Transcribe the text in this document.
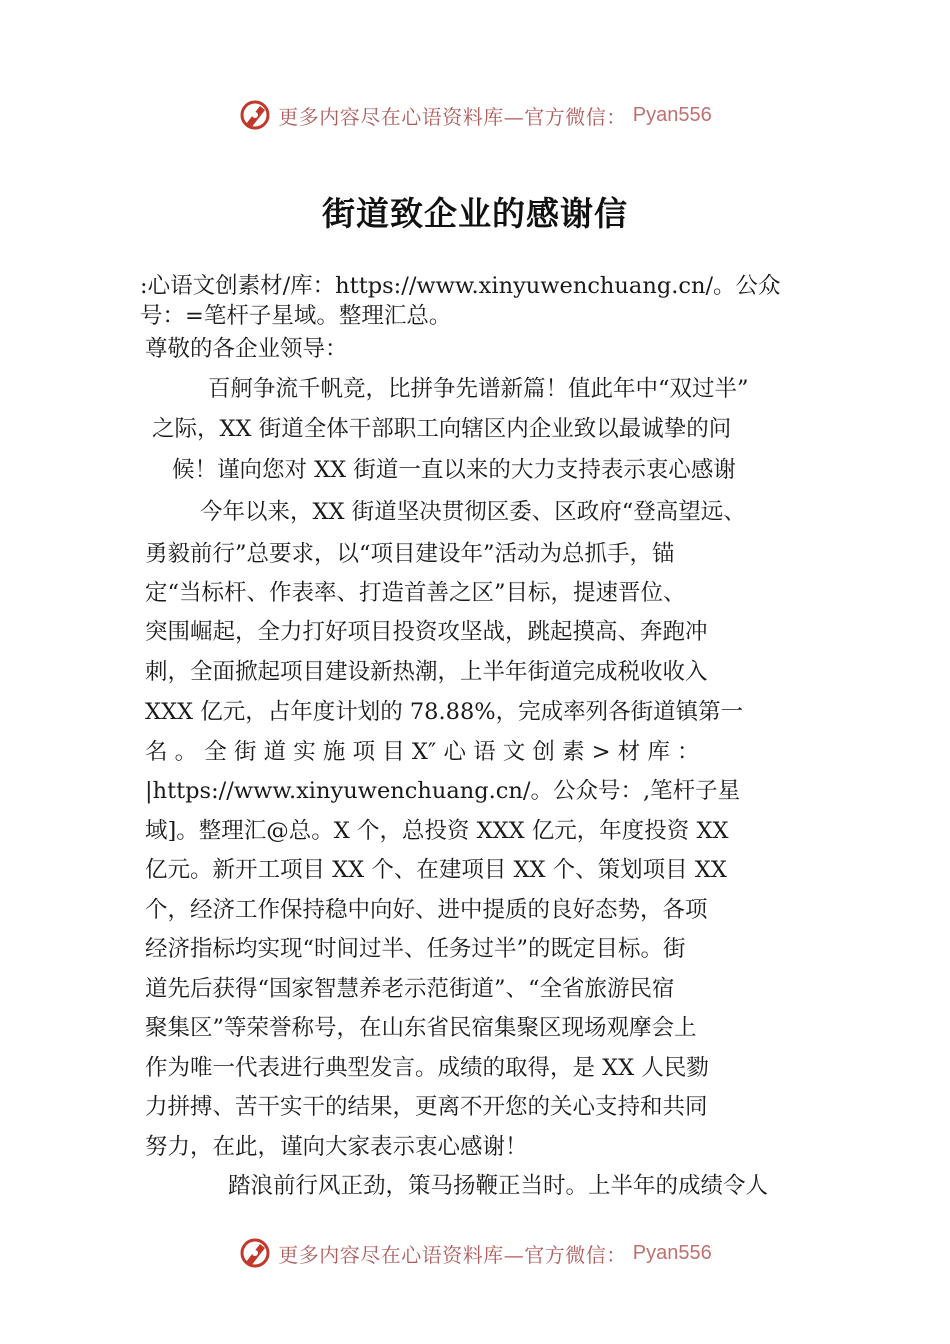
更多内容尽在心语资料库—官方微信： Pyan556
街道致企业的感谢信
:心语文创素材/库：https://www.xinyuwenchuang.cn/。公众
号：=笔杆子星域。整理汇总。
尊敬的各企业领导：
百舸争流千帆竞，比拼争先谱新篇！值此年中“双过半”
之际，XX 街道全体干部职工向辖区内企业致以最诚挚的问
候！谨向您对 XX 街道一直以来的大力支持表示衷心感谢
今年以来，XX 街道坚决贯彻区委、区政府“登高望远、
勇毅前行”总要求，以“项目建设年”活动为总抓手，锚
定“当标杆、作表率、打造首善之区”目标，提速晋位、
突围崛起，全力打好项目投资攻坚战，跳起摸高、奔跑冲
刺，全面掀起项目建设新热潮，上半年街道完成税收收入
XXX 亿元，占年度计划的 78.88%，完成率列各街道镇第一
名 。 全 街 道 实 施 项 目 X″ 心 语 文 创 素 > 材 库 ：
|https://www.xinyuwenchuang.cn/。公众号：,笔杆子星
域]。整理汇@总。X 个，总投资 XXX 亿元，年度投资 XX
亿元。新开工项目 XX 个、在建项目 XX 个、策划项目 XX
个，经济工作保持稳中向好、进中提质的良好态势，各项
经济指标均实现“时间过半、任务过半”的既定目标。街
道先后获得“国家智慧养老示范街道”、“全省旅游民宿
聚集区”等荣誉称号，在山东省民宿集聚区现场观摩会上
作为唯一代表进行典型发言。成绩的取得，是 XX 人民勠
力拼搏、苦干实干的结果，更离不开您的关心支持和共同
努力，在此，谨向大家表示衷心感谢！
踏浪前行风正劲，策马扬鞭正当时。上半年的成绩令人
更多内容尽在心语资料库—官方微信： Pyan556
